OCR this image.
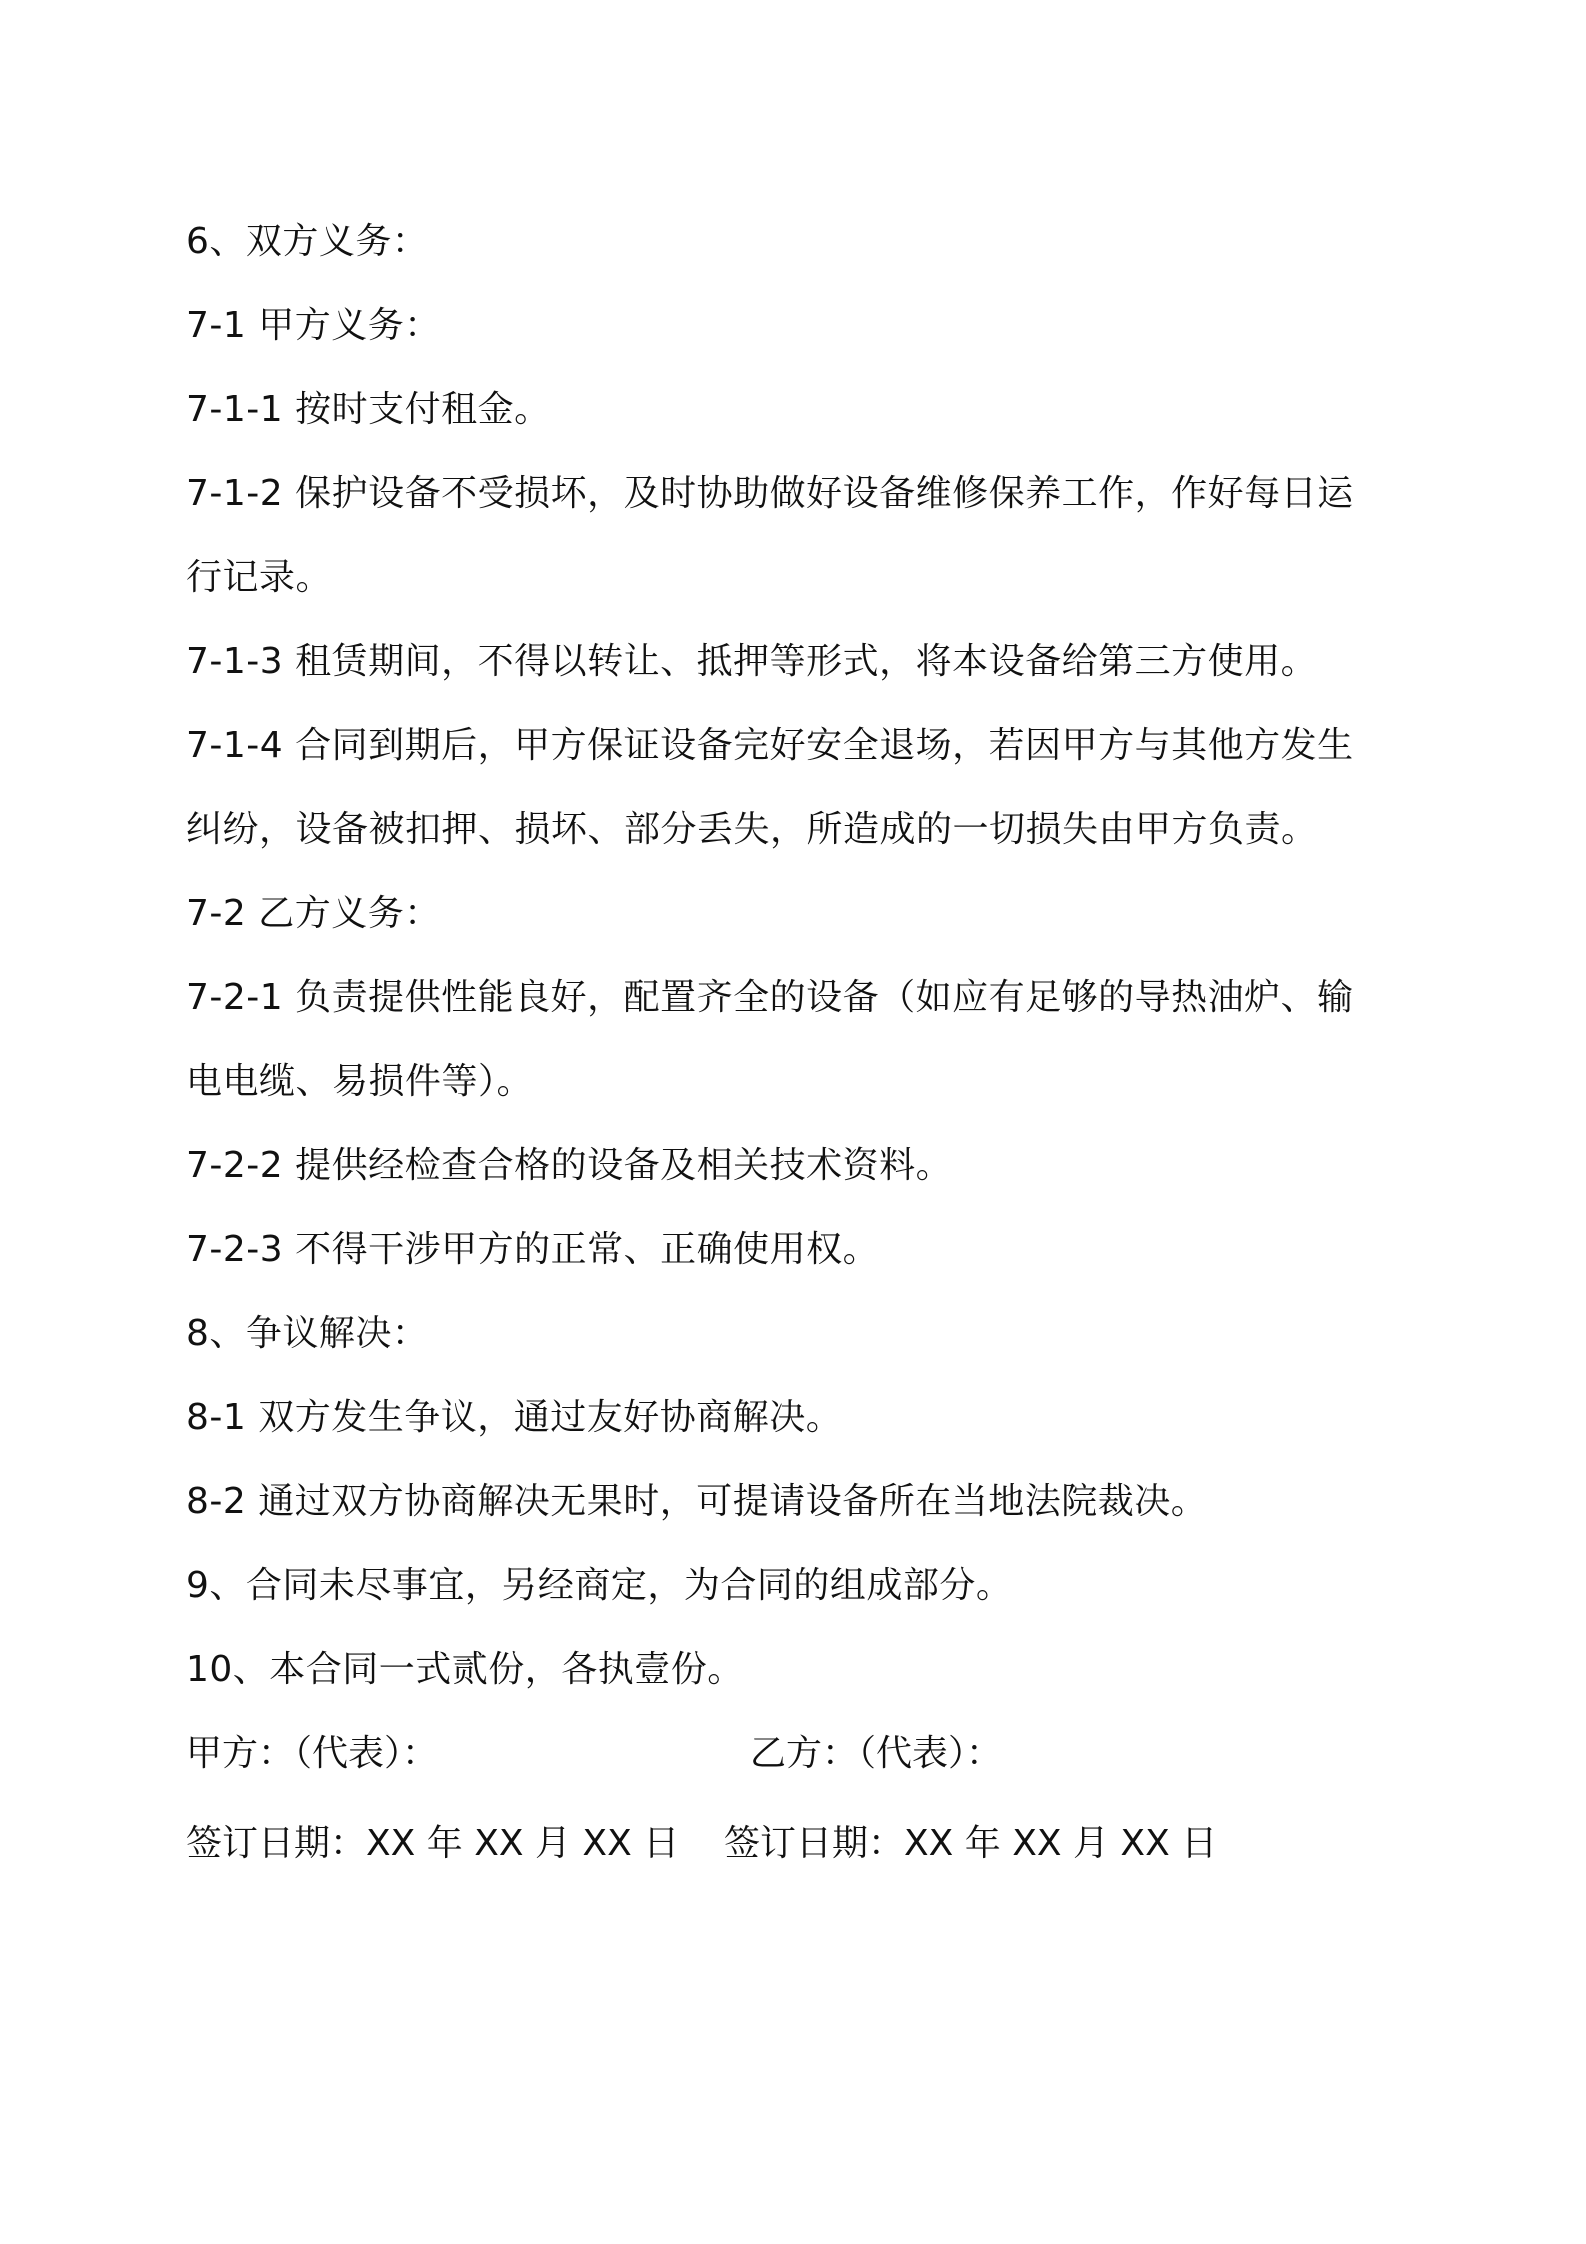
6、双方义务：
7-1 甲方义务：
7-1-1 按时支付租金。
7-1-2 保护设备不受损坏，及时协助做好设备维修保养工作，作好每日运
行记录。
7-1-3 租赁期间，不得以转让、抵押等形式，将本设备给第三方使用。
7-1-4 合同到期后，甲方保证设备完好安全退场，若因甲方与其他方发生
纠纷，设备被扣押、损坏、部分丢失，所造成的一切损失由甲方负责。
7-2 乙方义务：
7-2-1 负责提供性能良好，配置齐全的设备（如应有足够的导热油炉、输
电电缆、易损件等）。
7-2-2 提供经检查合格的设备及相关技术资料。
7-2-3 不得干涉甲方的正常、正确使用权。
8、争议解决：
8-1 双方发生争议，通过友好协商解决。
8-2 通过双方协商解决无果时，可提请设备所在当地法院裁决。
9、合同未尽事宜，另经商定，为合同的组成部分。
10、本合同一式贰份，各执壹份。
甲方：（代表）：	乙方：（代表）：
签订日期：XX 年 XX 月 XX 日 签订日期：XX 年 XX 月 XX 日
